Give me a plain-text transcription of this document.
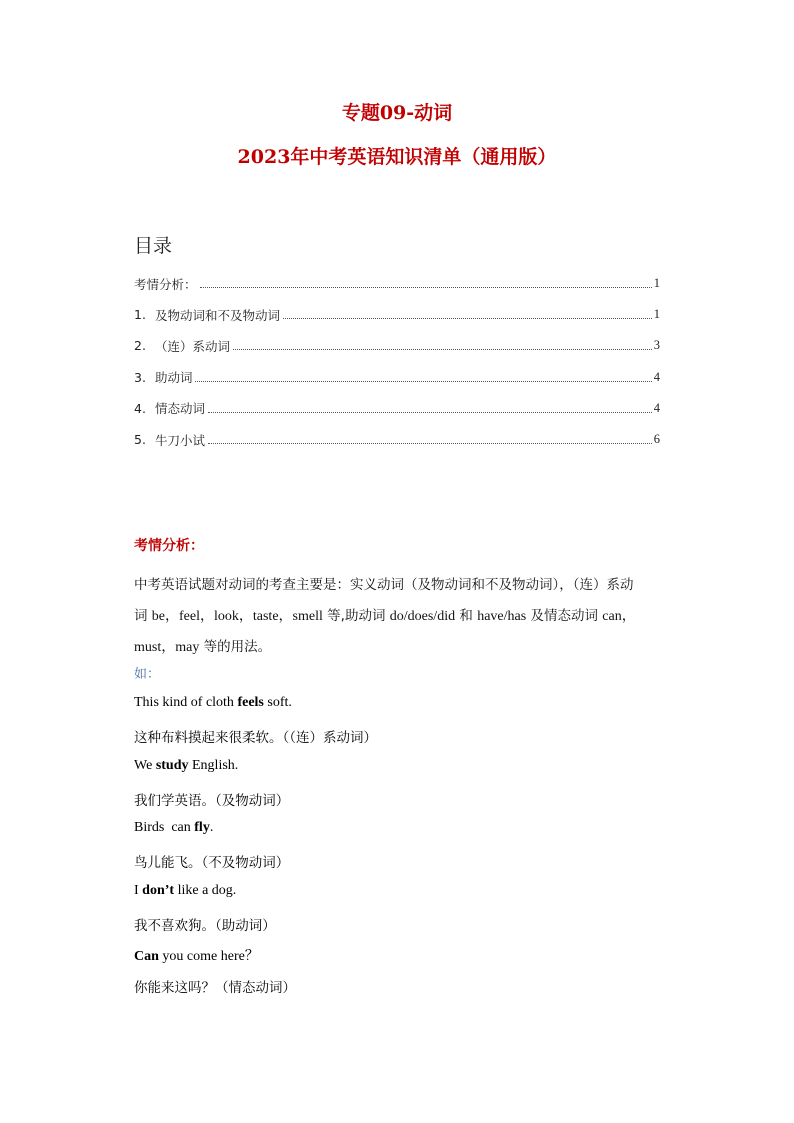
专题09-动词
2023年中考英语知识清单（通用版）
目录
考情分析：	1
1. 及物动词和不及物动词	1
2. （连）系动词	3
3. 助动词	4
4. 情态动词	4
5. 牛刀小试	6
考情分析：
中考英语试题对动词的考查主要是：实义动词（及物动词和不及物动词），（连）系动
词 be，feel，look，taste，smell 等,助动词 do/does/did 和 have/has 及情态动词 can，
must，may 等的用法。
如：
This kind of cloth feels soft.
这种布料摸起来很柔软。（（连）系动词）
We study English.
我们学英语。（及物动词）
Birds  can fly.
鸟儿能飞。（不及物动词）
I don’t like a dog.
我不喜欢狗。（助动词）
Can you come here？
你能来这吗？（情态动词）
